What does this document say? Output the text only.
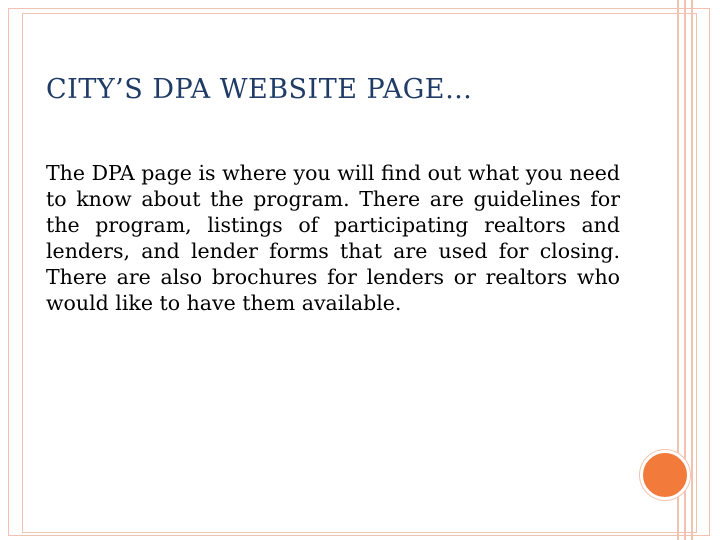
CITY’S DPA WEBSITE PAGE…
The DPA page is where you will find out what you need to know about the program. There are guidelines for the program, listings of participating realtors and lenders, and lender forms that are used for closing. There are also brochures for lenders or realtors who would like to have them available.
